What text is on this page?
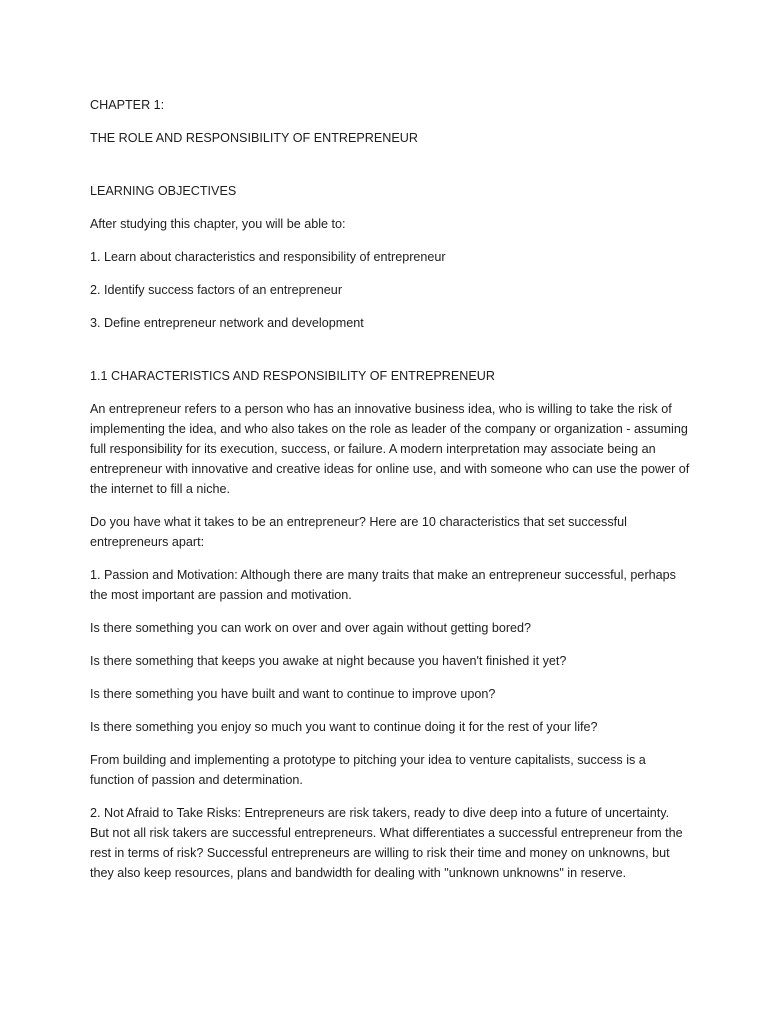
CHAPTER 1:

THE ROLE AND RESPONSIBILITY OF ENTREPRENEUR

LEARNING OBJECTIVES

After studying this chapter, you will be able to:

1. Learn about characteristics and responsibility of entrepreneur

2. Identify success factors of an entrepreneur

3. Define entrepreneur network and development

1.1 CHARACTERISTICS AND RESPONSIBILITY OF ENTREPRENEUR

An entrepreneur refers to a person who has an innovative business idea, who is willing to take the risk of implementing the idea, and who also takes on the role as leader of the company or organization - assuming full responsibility for its execution, success, or failure. A modern interpretation may associate being an entrepreneur with innovative and creative ideas for online use, and with someone who can use the power of the internet to fill a niche.

Do you have what it takes to be an entrepreneur? Here are 10 characteristics that set successful entrepreneurs apart:

1. Passion and Motivation: Although there are many traits that make an entrepreneur successful, perhaps the most important are passion and motivation.

Is there something you can work on over and over again without getting bored?

Is there something that keeps you awake at night because you haven't finished it yet?

Is there something you have built and want to continue to improve upon?

Is there something you enjoy so much you want to continue doing it for the rest of your life?

From building and implementing a prototype to pitching your idea to venture capitalists, success is a function of passion and determination.

2. Not Afraid to Take Risks: Entrepreneurs are risk takers, ready to dive deep into a future of uncertainty. But not all risk takers are successful entrepreneurs. What differentiates a successful entrepreneur from the rest in terms of risk? Successful entrepreneurs are willing to risk their time and money on unknowns, but they also keep resources, plans and bandwidth for dealing with "unknown unknowns" in reserve.
